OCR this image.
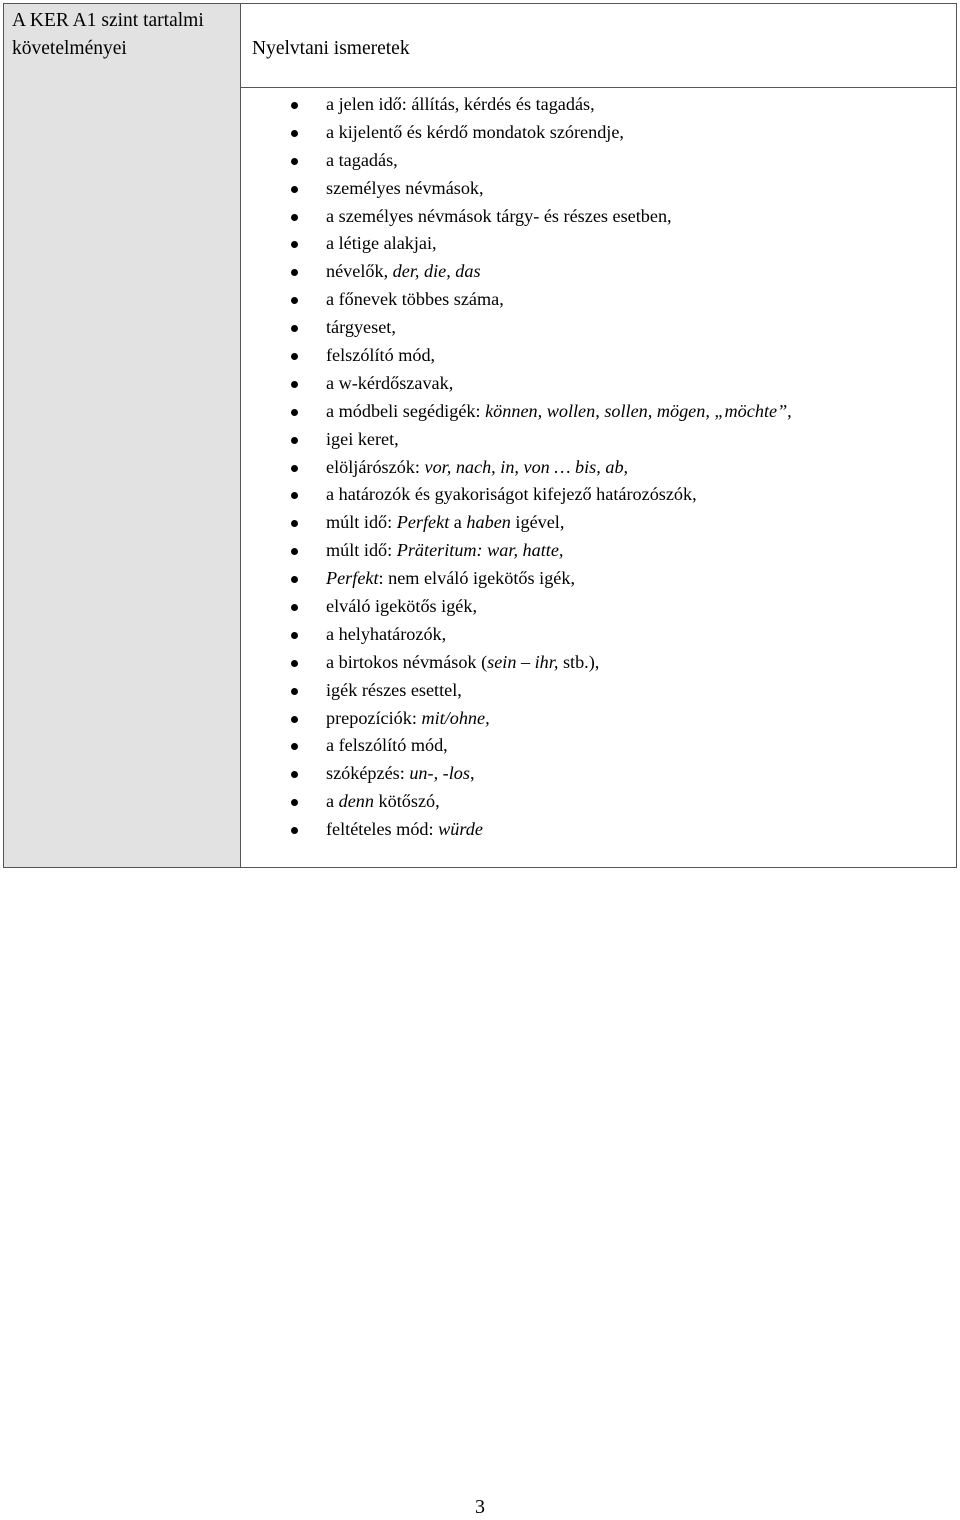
A KER A1 szint tartalmi követelményei	Nyelvtani ismeretek
a jelen idő: állítás, kérdés és tagadás,
a kijelentő és kérdő mondatok szórendje,
a tagadás,
személyes névmások,
a személyes névmások tárgy- és részes esetben,
a létige alakjai,
névelők, der, die, das
a főnevek többes száma,
tárgyeset,
felszólító mód,
a w-kérdőszavak,
a módbeli segédigék: können, wollen, sollen, mögen, „möchte”,
igei keret,
elöljárószók: vor, nach, in, von … bis, ab,
a határozók és gyakoriságot kifejező határozószók,
múlt idő: Perfekt a haben igével,
múlt idő: Präteritum: war, hatte,
Perfekt: nem elváló igekötős igék,
elváló igekötős igék,
a helyhatározók,
a birtokos névmások (sein – ihr, stb.),
igék részes esettel,
prepozíciók: mit/ohne,
a felszólító mód,
szóképzés: un-, -los,
a denn kötőszó,
feltételes mód: würde
3
